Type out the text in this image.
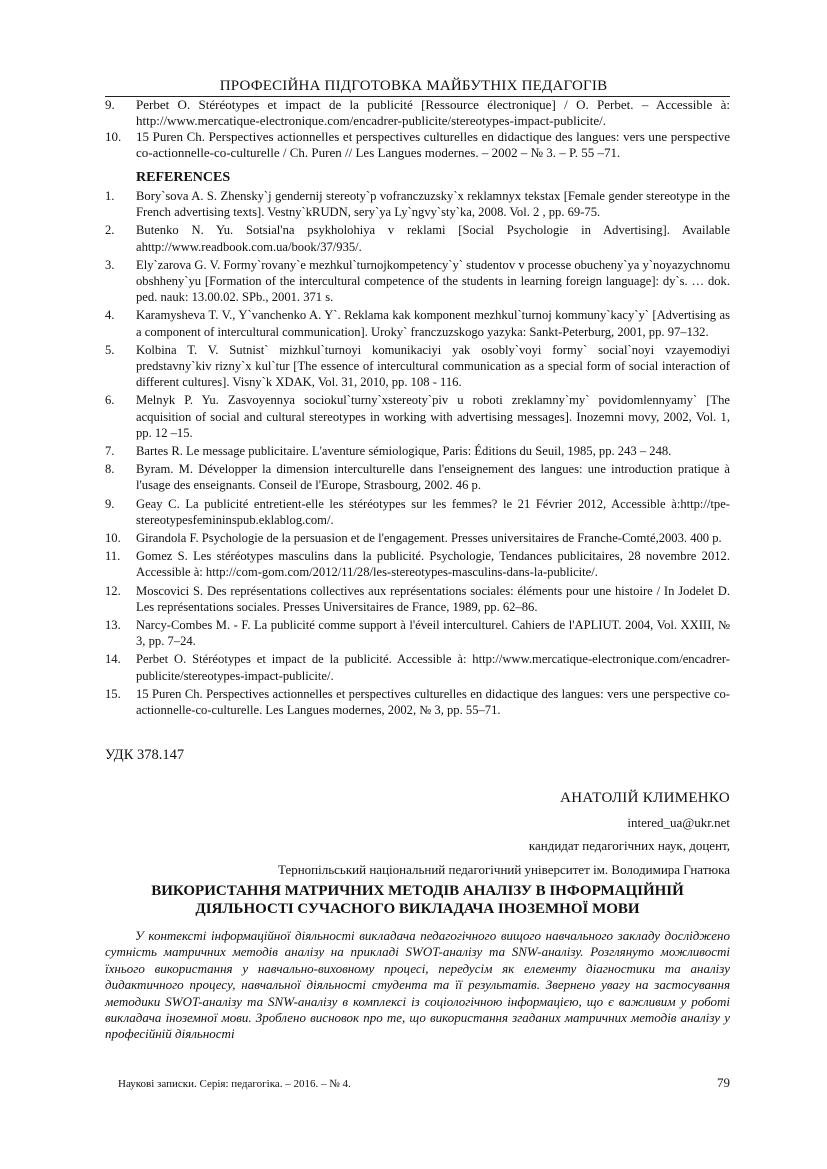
ПРОФЕСІЙНА ПІДГОТОВКА МАЙБУТНІХ ПЕДАГОГІВ
9. Perbet O. Stéréotypes et impact de la publicité [Ressource électronique] / O. Perbet. – Accessible à: http://www.mercatique-electronique.com/encadrer-publicite/stereotypes-impact-publicite/.
10. 15 Puren Ch. Perspectives actionnelles et perspectives culturelles en didactique des langues: vers une perspective co-actionnelle-co-culturelle / Ch. Puren // Les Langues modernes. – 2002 – № 3. – P. 55 –71.
REFERENCES
1. Bory`sova A. S. Zhensky`j gendernij stereoty`p vofranczuzsky`x reklamnyx tekstax [Female gender stereotype in the French advertising texts]. Vestny`kRUDN, sery`ya Ly`ngvy`sty`ka, 2008. Vol. 2 , pp. 69-75.
2. Butenko N. Yu. Sotsial'na psykholohiya v reklami [Social Psychologie in Advertising]. Available ahttp://www.readbook.com.ua/book/37/935/.
3. Ely`zarova G. V. Formy`rovany`e mezhkul`turnojkompetency`y` studentov v processe obucheny`ya y`noyazychnomu obshheny`yu [Formation of the intercultural competence of the students in learning foreign language]: dy`s. … dok. ped. nauk: 13.00.02. SPb., 2001. 371 s.
4. Karamysheva T. V., Y`vanchenko A. Y`. Reklama kak komponent mezhkul`turnoj kommuny`kacy`y` [Advertising as a component of intercultural communication]. Uroky` franczuzskogo yazyka: Sankt-Peterburg, 2001, pp. 97–132.
5. Kolbina T. V. Sutnist` mizhkul`turnoyi komunikaciyi yak osobly`voyi formy` social`noyi vzayemodiyi predstavny`kiv rizny`x kul`tur [The essence of intercultural communication as a special form of social interaction of different cultures]. Visny`k XDAK, Vol. 31, 2010, pp. 108 - 116.
6. Melnyk P. Yu. Zasvoyennya sociokul`turny`xstereoty`piv u roboti zreklamny`my` povidomlennyamy` [The acquisition of social and cultural stereotypes in working with advertising messages]. Inozemni movy, 2002, Vol. 1, pp. 12 –15.
7. Bartes R. Le message publicitaire. L'aventure sémiologique, Paris: Éditions du Seuil, 1985, pp. 243 – 248.
8. Byram. M. Développer la dimension interculturelle dans l'enseignement des langues: une introduction pratique à l'usage des enseignants. Conseil de l'Europe, Strasbourg, 2002. 46 p.
9. Geay C. La publicité entretient-elle les stéréotypes sur les femmes? le 21 Février 2012, Accessible à:http://tpe-stereotypesfemininspub.eklablog.com/.
10. Girandola F. Psychologie de la persuasion et de l'engagement. Presses universitaires de Franche-Comté,2003. 400 p.
11. Gomez S. Les stéréotypes masculins dans la publicité. Psychologie, Tendances publicitaires, 28 novembre 2012. Accessible à: http://com-gom.com/2012/11/28/les-stereotypes-masculins-dans-la-publicite/.
12. Moscovici S. Des représentations collectives aux représentations sociales: éléments pour une histoire / In Jodelet D. Les représentations sociales. Presses Universitaires de France, 1989, pp. 62–86.
13. Narcy-Combes M. - F. La publicité comme support à l'éveil interculturel. Cahiers de l'APLIUT. 2004, Vol. XXIII, № 3, pp. 7–24.
14. Perbet O. Stéréotypes et impact de la publicité. Accessible à: http://www.mercatique-electronique.com/encadrer-publicite/stereotypes-impact-publicite/.
15. 15 Puren Ch. Perspectives actionnelles et perspectives culturelles en didactique des langues: vers une perspective co-actionnelle-co-culturelle. Les Langues modernes, 2002, № 3, pp. 55–71.
УДК 378.147
АНАТОЛІЙ КЛИМЕНКО
intered_ua@ukr.net
кандидат педагогічних наук, доцент,
Тернопільський національний педагогічний університет ім. Володимира Гнатюка
ВИКОРИСТАННЯ МАТРИЧНИХ МЕТОДІВ АНАЛІЗУ В ІНФОРМАЦІЙНІЙ ДІЯЛЬНОСТІ СУЧАСНОГО ВИКЛАДАЧА ІНОЗЕМНОЇ МОВИ

У контексті інформаційної діяльності викладача педагогічного вищого навчального закладу досліджено сутність матричних методів аналізу на прикладі SWOT-аналізу та SNW-аналізу. Розглянуто можливості їхнього використання у навчально-виховному процесі, передусім як елементу діагностики та аналізу дидактичного процесу, навчальної діяльності студента та її результатів. Звернено увагу на застосування методики SWOT-аналізу та SNW-аналізу в комплексі із соціологічною інформацією, що є важливим у роботі викладача іноземної мови. Зроблено висновок про те, що використання згаданих матричних методів аналізу у професійній діяльності

Наукові записки. Серія: педагогіка. – 2016. – № 4.	79
